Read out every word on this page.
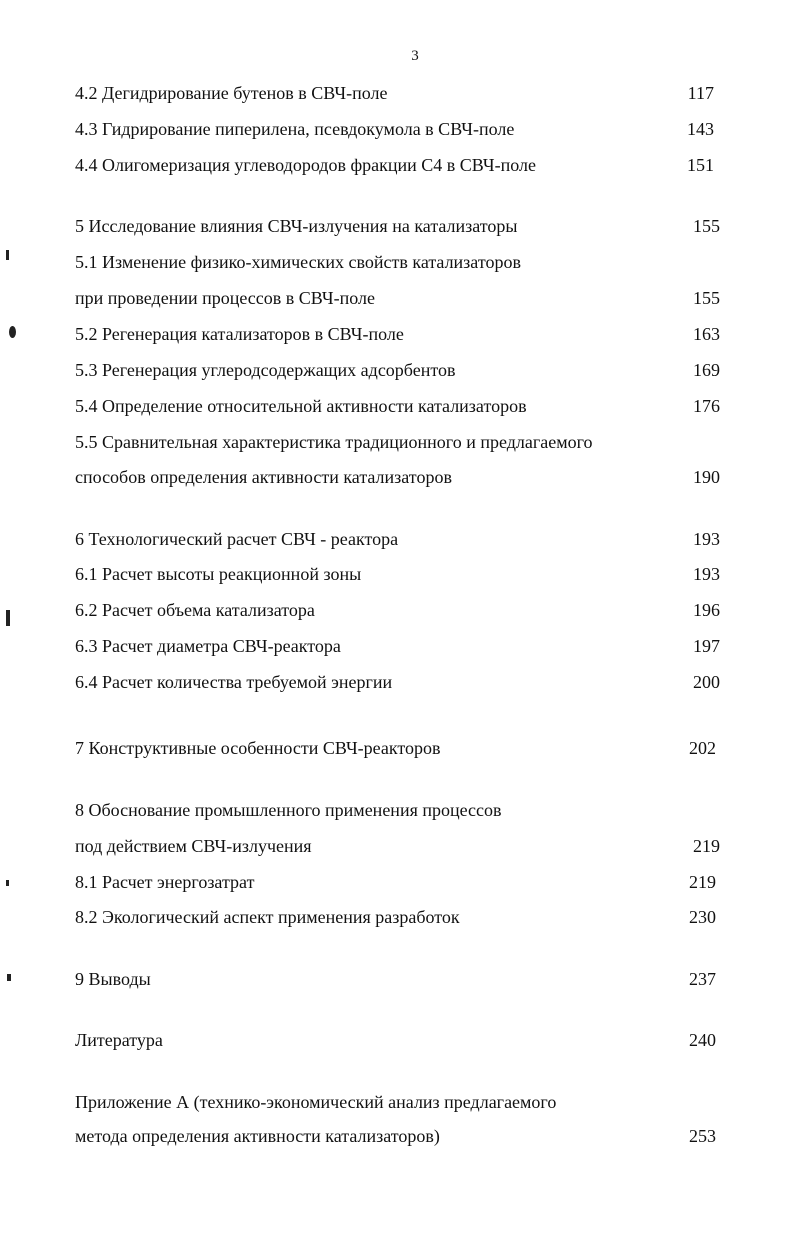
3
4.2 Дегидрирование бутенов в СВЧ-поле	117
4.3 Гидрирование пиперилена, псевдокумола в СВЧ-поле	143
4.4 Олигомеризация углеводородов фракции С4 в СВЧ-поле	151
5 Исследование влияния СВЧ-излучения на катализаторы	155
5.1 Изменение физико-химических свойств катализаторов
при проведении процессов в СВЧ-поле	155
5.2 Регенерация катализаторов в СВЧ-поле	163
5.3 Регенерация углеродсодержащих адсорбентов	169
5.4 Определение относительной активности катализаторов	176
5.5 Сравнительная характеристика традиционного и предлагаемого
способов определения активности катализаторов	190
6 Технологический расчет СВЧ - реактора	193
6.1 Расчет высоты реакционной зоны	193
6.2 Расчет объема катализатора	196
6.3 Расчет диаметра СВЧ-реактора	197
6.4 Расчет количества требуемой энергии	200
7 Конструктивные особенности СВЧ-реакторов	202
8 Обоснование промышленного применения процессов
под действием СВЧ-излучения	219
8.1 Расчет энергозатрат	219
8.2 Экологический аспект применения разработок	230
9 Выводы	237
Литература	240
Приложение А (технико-экономический анализ предлагаемого
метода определения активности катализаторов)	253
